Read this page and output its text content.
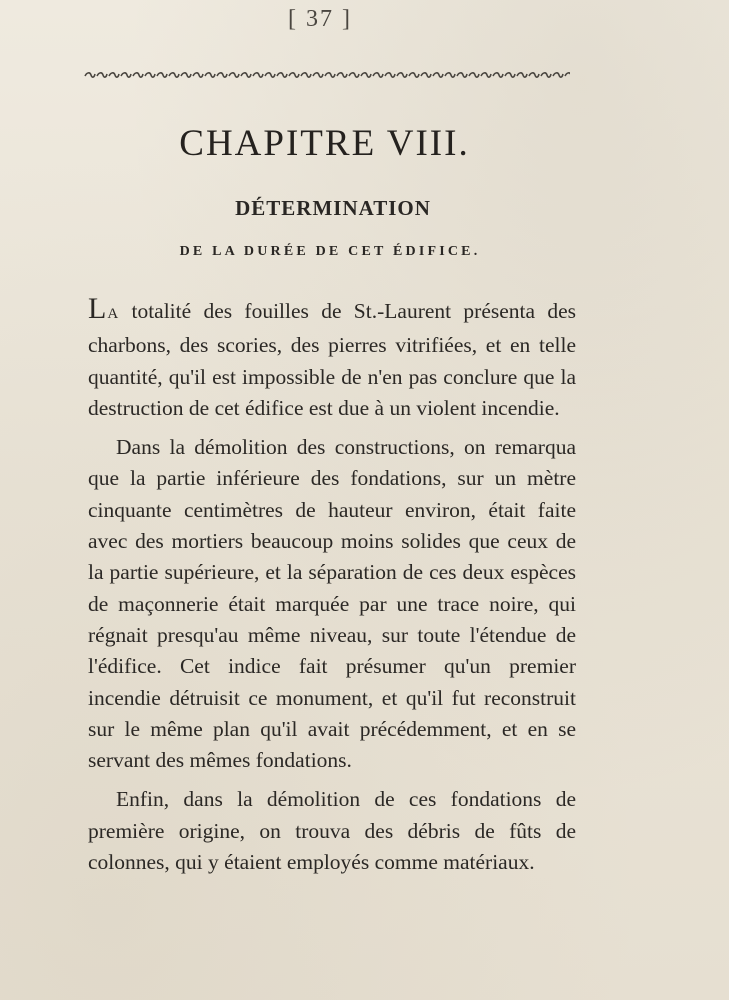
[ 37 ]
CHAPITRE VIII.
DÉTERMINATION
DE LA DURÉE DE CET ÉDIFICE.

LA totalité des fouilles de St.-Laurent présenta des charbons, des scories, des pierres vitrifiées, et en telle quantité, qu'il est impossible de n'en pas conclure que la destruction de cet édifice est due à un violent incendie.

Dans la démolition des constructions, on remarqua que la partie inférieure des fondations, sur un mètre cinquante centimètres de hauteur environ, était faite avec des mortiers beaucoup moins solides que ceux de la partie supérieure, et la séparation de ces deux espèces de maçonnerie était marquée par une trace noire, qui régnait presqu'au même niveau, sur toute l'étendue de l'édifice. Cet indice fait présumer qu'un premier incendie détruisit ce monument, et qu'il fut reconstruit sur le même plan qu'il avait précédemment, et en se servant des mêmes fondations.

Enfin, dans la démolition de ces fondations de première origine, on trouva des débris de fûts de colonnes, qui y étaient employés comme matériaux.
